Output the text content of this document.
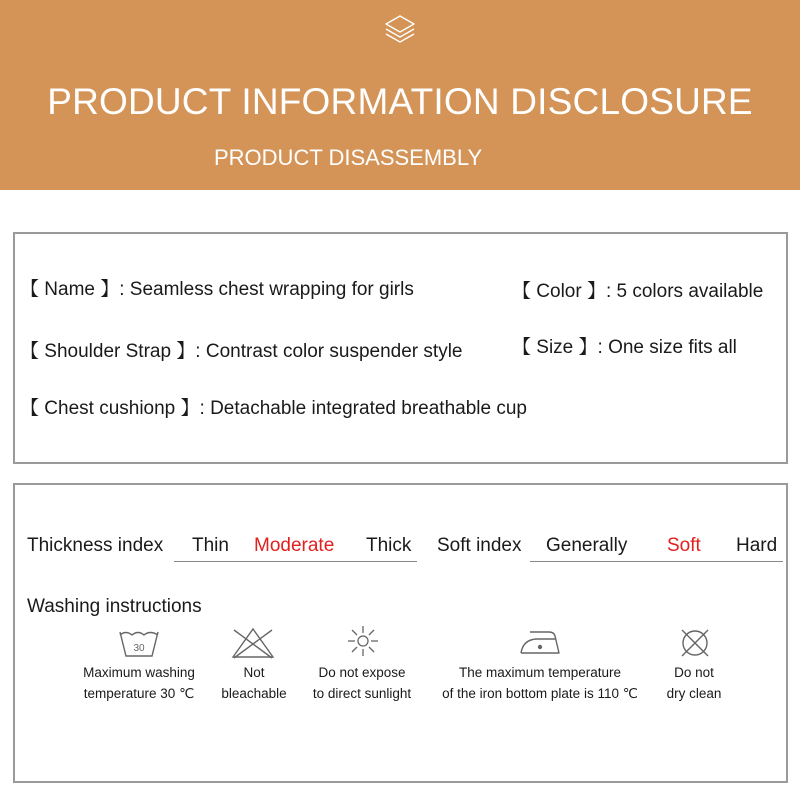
PRODUCT INFORMATION DISCLOSURE
PRODUCT DISASSEMBLY
【 Name 】: Seamless chest wrapping for girls	【 Color 】: 5 colors available
【 Shoulder Strap 】: Contrast color suspender style	【 Size 】: One size fits all
【 Chest cushionp 】: Detachable integrated breathable cup
Thickness index Thin Moderate Thick Soft index Generally Soft Hard
Washing instructions
30
Maximum washing
temperature 30 ℃
Not
bleachable
Do not expose
to direct sunlight
The maximum temperature
of the iron bottom plate is 110 ℃
Do not
dry clean
